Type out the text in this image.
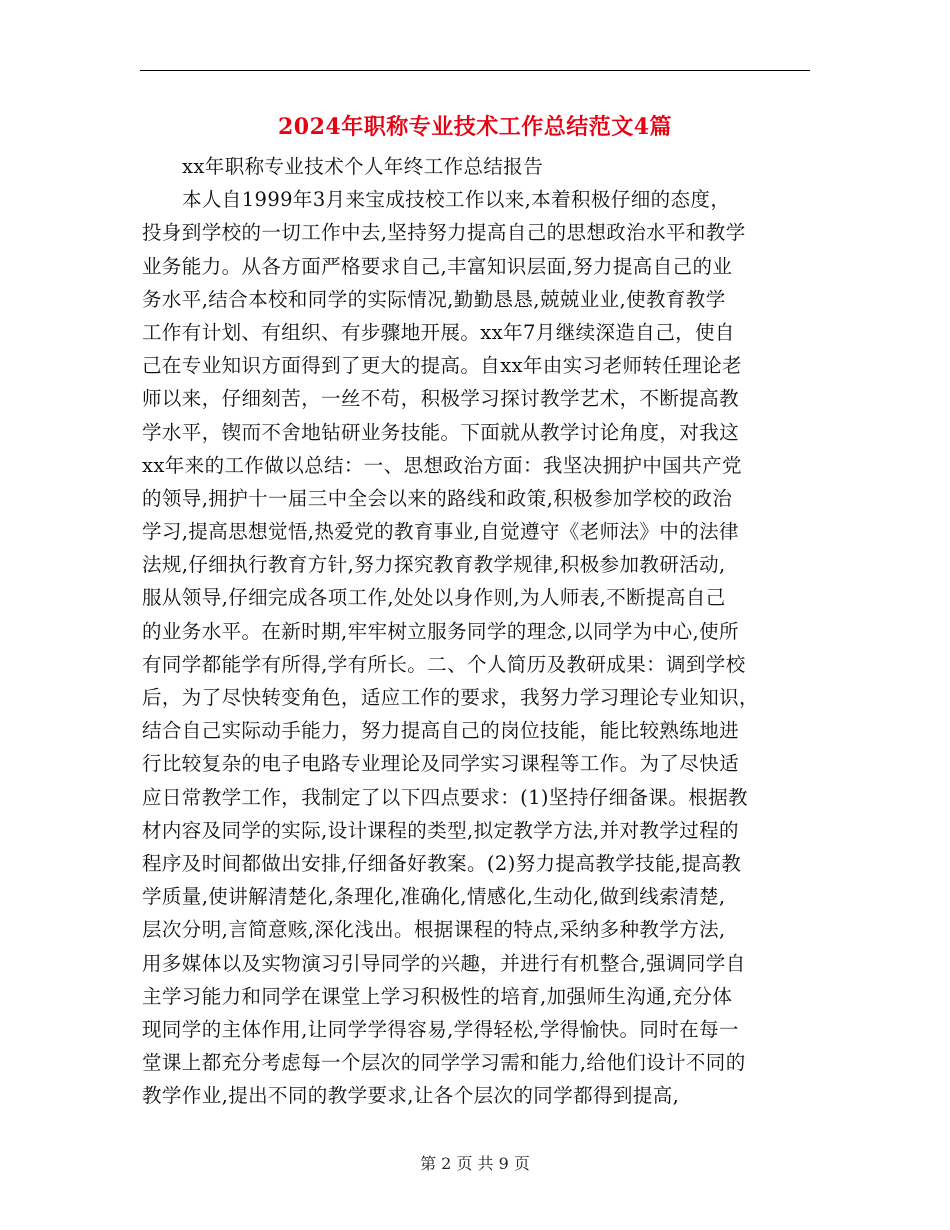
2024年职称专业技术工作总结范文4篇
xx年职称专业技术个人年终工作总结报告
本人自1999年3月来宝成技校工作以来,本着积极仔细的态度，
投身到学校的一切工作中去,坚持努力提高自己的思想政治水平和教学
业务能力。从各方面严格要求自己,丰富知识层面,努力提高自己的业
务水平,结合本校和同学的实际情况,勤勤恳恳,兢兢业业,使教育教学
工作有计划、有组织、有步骤地开展。xx年7月继续深造自己，使自
己在专业知识方面得到了更大的提高。自xx年由实习老师转任理论老
师以来，仔细刻苦，一丝不苟，积极学习探讨教学艺术，不断提高教
学水平，锲而不舍地钻研业务技能。下面就从教学讨论角度，对我这
xx年来的工作做以总结：一、思想政治方面：我坚决拥护中国共产党
的领导,拥护十一届三中全会以来的路线和政策,积极参加学校的政治
学习,提高思想觉悟,热爱党的教育事业,自觉遵守《老师法》中的法律
法规,仔细执行教育方针,努力探究教育教学规律,积极参加教研活动,
服从领导,仔细完成各项工作,处处以身作则,为人师表,不断提高自己
的业务水平。在新时期,牢牢树立服务同学的理念,以同学为中心,使所
有同学都能学有所得,学有所长。二、个人简历及教研成果：调到学校
后，为了尽快转变角色，适应工作的要求，我努力学习理论专业知识，
结合自己实际动手能力，努力提高自己的岗位技能，能比较熟练地进
行比较复杂的电子电路专业理论及同学实习课程等工作。为了尽快适
应日常教学工作，我制定了以下四点要求：(1)坚持仔细备课。根据教
材内容及同学的实际,设计课程的类型,拟定教学方法,并对教学过程的
程序及时间都做出安排,仔细备好教案。(2)努力提高教学技能,提高教
学质量,使讲解清楚化,条理化,准确化,情感化,生动化,做到线索清楚,
层次分明,言简意赅,深化浅出。根据课程的特点,采纳多种教学方法,
用多媒体以及实物演习引导同学的兴趣，并进行有机整合,强调同学自
主学习能力和同学在课堂上学习积极性的培育,加强师生沟通,充分体
现同学的主体作用,让同学学得容易,学得轻松,学得愉快。同时在每一
堂课上都充分考虑每一个层次的同学学习需和能力,给他们设计不同的
教学作业,提出不同的教学要求,让各个层次的同学都得到提高,
第 2 页 共 9 页
